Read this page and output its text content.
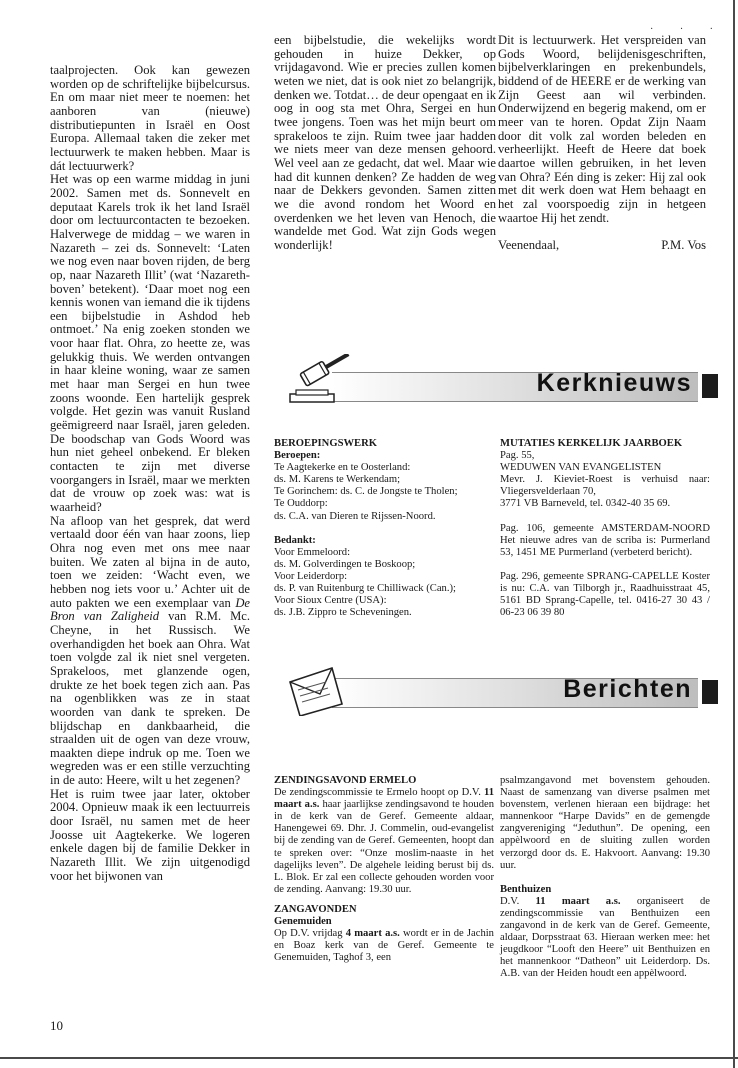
· · ·

taalprojecten. Ook kan gewezen worden op de schriftelijke bijbelcursus. En om maar niet meer te noemen: het aanboren van (nieuwe) distributiepunten in Israël en Oost Europa. Allemaal taken die zeker met lectuurwerk te maken hebben. Maar is dát lectuurwerk?

Het was op een warme middag in juni 2002. Samen met ds. Sonnevelt en deputaat Karels trok ik het land Israël door om lectuurcontacten te bezoeken. Halverwege de middag – we waren in Nazareth – zei ds. Sonnevelt: ‘Laten we nog even naar boven rijden, de berg op, naar Nazareth Illit’ (wat ‘Nazareth-boven’ betekent). ‘Daar moet nog een kennis wonen van iemand die ik tijdens een bijbelstudie in Ashdod heb ontmoet.’ Na enig zoeken stonden we voor haar flat. Ohra, zo heette ze, was gelukkig thuis. We werden ontvangen in haar kleine woning, waar ze samen met haar man Sergei en hun twee zoons woonde. Een hartelijk gesprek volgde. Het gezin was vanuit Rusland geëmigreerd naar Israël, jaren geleden. De boodschap van Gods Woord was hun niet geheel onbekend. Er bleken contacten te zijn met diverse voorgangers in Israël, maar we merkten dat de vrouw op zoek was: wat is waarheid?

Na afloop van het gesprek, dat werd vertaald door één van haar zoons, liep Ohra nog even met ons mee naar buiten. We zaten al bijna in de auto, toen we zeiden: ‘Wacht even, we hebben nog iets voor u.’ Achter uit de auto pakten we een exemplaar van De Bron van Zaligheid van R.M. Mc. Cheyne, in het Russisch. We overhandigden het boek aan Ohra. Wat toen volgde zal ik niet snel vergeten. Sprakeloos, met glanzende ogen, drukte ze het boek tegen zich aan. Pas na ogenblikken was ze in staat woorden van dank te spreken. De blijdschap en dankbaarheid, die straalden uit de ogen van deze vrouw, maakten diepe indruk op me. Toen we wegreden was er een stille verzuchting in de auto: Heere, wilt u het zegenen?

Het is ruim twee jaar later, oktober 2004. Opnieuw maak ik een lectuurreis door Israël, nu samen met de heer Joosse uit Aagtekerke. We logeren enkele dagen bij de familie Dekker in Nazareth Illit. We zijn uitgenodigd voor het bijwonen van

een bijbelstudie, die wekelijks wordt gehouden in huize Dekker, op vrijdagavond. Wie er precies zullen komen weten we niet, dat is ook niet zo belangrijk, denken we. Totdat… de deur opengaat en ik oog in oog sta met Ohra, Sergei en hun twee jongens. Toen was het mijn beurt om sprakeloos te zijn. Ruim twee jaar hadden we niets meer van deze mensen gehoord. Wel veel aan ze gedacht, dat wel. Maar wie had dit kunnen denken? Ze hadden de weg naar de Dekkers gevonden. Samen zitten we die avond rondom het Woord en overdenken we het leven van Henoch, die wandelde met God. Wat zijn Gods wegen wonderlijk!

Dit is lectuurwerk. Het verspreiden van Gods Woord, belijdenisgeschriften, bijbelverklaringen en prekenbundels, biddend of de HEERE er de werking van Zijn Geest aan wil verbinden. Onderwijzend en begerig makend, om er meer van te horen. Opdat Zijn Naam door dit volk zal worden beleden en verheerlijkt. Heeft de Heere dat boek daartoe willen gebruiken, in het leven van Ohra? Eén ding is zeker: Hij zal ook met dit werk doen wat Hem behaagt en het zal voorspoedig zijn in hetgeen waartoe Hij het zendt.

Veenendaal,	P.M. Vos
Kerknieuws

BEROEPINGSWERK

Beroepen:

Te Aagtekerke en te Oosterland:

ds. M. Karens te Werkendam;

Te Gorinchem: ds. C. de Jongste te Tholen;

Te Ouddorp:

ds. C.A. van Dieren te Rijssen-Noord.

Bedankt:

Voor Emmeloord:

ds. M. Golverdingen te Boskoop;

Voor Leiderdorp:

ds. P. van Ruitenburg te Chilliwack (Can.);

Voor Sioux Centre (USA):

ds. J.B. Zippro te Scheveningen.

MUTATIES KERKELIJK JAARBOEK

Pag. 55,

WEDUWEN VAN EVANGELISTEN

Mevr. J. Kieviet-Roest is verhuisd naar: Vliegersvelderlaan 70,

3771 VB Barneveld, tel. 0342-40 35 69.

Pag. 106, gemeente AMSTERDAM-NOORD Het nieuwe adres van de scriba is: Purmerland 53, 1451 ME Purmerland (verbeterd bericht).

Pag. 296, gemeente SPRANG-CAPELLE Koster is nu: C.A. van Tilborgh jr., Raadhuisstraat 45, 5161 BD Sprang-Capelle, tel. 0416-27 30 43 / 06-23 06 39 80

Berichten

ZENDINGSAVOND ERMELO

De zendingscommissie te Ermelo hoopt op D.V. 11 maart a.s. haar jaarlijkse zendingsavond te houden in de kerk van de Geref. Gemeente aldaar, Hanengewei 69. Dhr. J. Commelin, oud-evangelist bij de zending van de Geref. Gemeenten, hoopt dan te spreken over: “Onze moslim-naaste in het dagelijks leven”. De algehele leiding berust bij ds. L. Blok. Er zal een collecte gehouden worden voor de zending. Aanvang: 19.30 uur.

ZANGAVONDEN

Genemuiden

Op D.V. vrijdag 4 maart a.s. wordt er in de Jachin en Boaz kerk van de Geref. Gemeente te Genemuiden, Taghof 3, een

psalmzangavond met bovenstem gehouden. Naast de samenzang van diverse psalmen met bovenstem, verlenen hieraan een bijdrage: het mannenkoor “Harpe Davids” en de gemengde zangvereniging “Jeduthun”. De opening, een appèlwoord en de sluiting zullen worden verzorgd door ds. E. Hakvoort. Aanvang: 19.30 uur.

Benthuizen

D.V. 11 maart a.s. organiseert de zendingscommissie van Benthuizen een zangavond in de kerk van de Geref. Gemeente, aldaar, Dorpsstraat 63. Hieraan werken mee: het jeugdkoor “Looft den Heere” uit Benthuizen en het mannenkoor “Datheon” uit Leiderdorp. Ds. A.B. van der Heiden houdt een appèlwoord.

10
